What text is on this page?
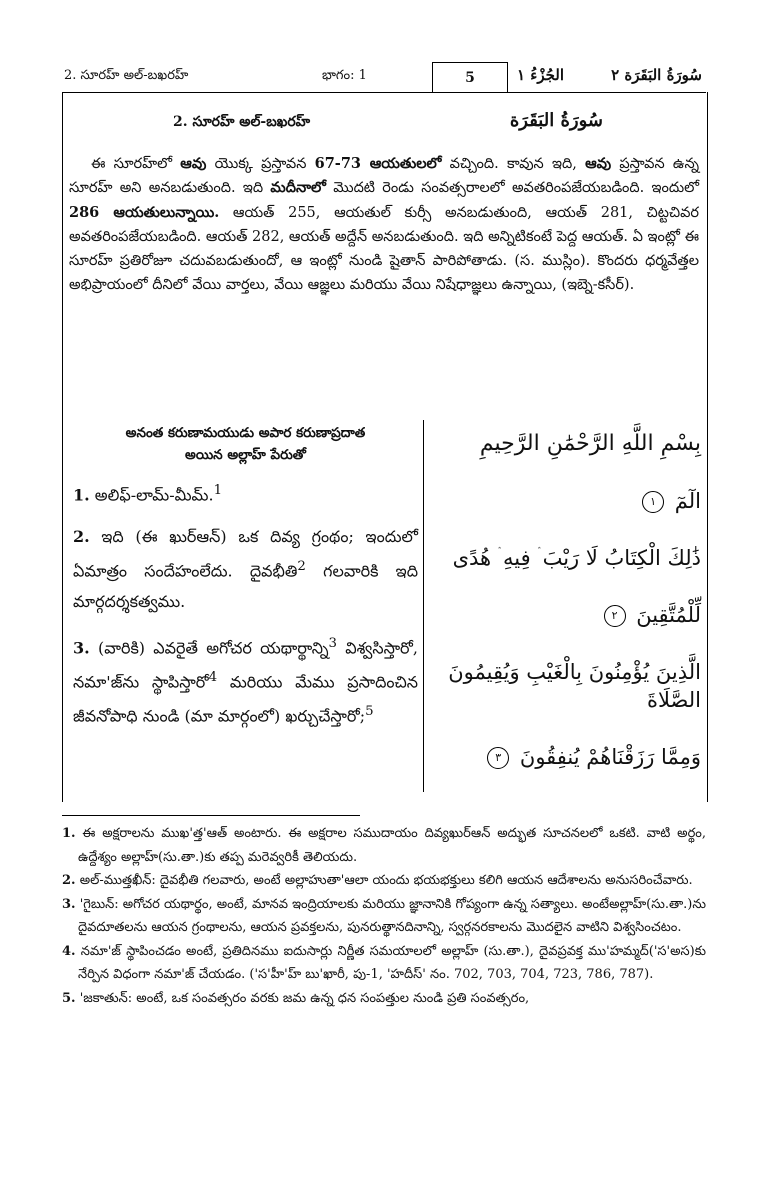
2. సూరహ్ అల్-బఖరహ్	భాగం: 1	5	الجُزْءُ ١	سُورَةُ البَقَرَة ٢
2. సూరహ్ అల్-బఖరహ్	سُورَةُ البَقَرَة

ఈ సూరహ్‌లో ఆవు యొక్క ప్రస్తావన 67-73 ఆయతులలో వచ్చింది. కావున ఇది, ఆవు ప్రస్తావన ఉన్న సూరహ్ అని అనబడుతుంది. ఇది మదీనాలో మొదటి రెండు సంవత్సరాలలో అవతరింపజేయబడింది. ఇందులో 286 ఆయతులున్నాయి. ఆయత్ 255, ఆయతుల్ కుర్సీ అనబడుతుంది, ఆయత్ 281, చిట్టచివర అవతరింపజేయబడింది. ఆయత్ 282, ఆయత్ అద్దేన్ అనబడుతుంది. ఇది అన్నిటికంటే పెద్ద ఆయత్. ఏ ఇంట్లో ఈ సూరహ్ ప్రతిరోజూ చదువబడుతుందో, ఆ ఇంట్లో నుండి షైతాన్ పారిపోతాడు. (స. ముస్లిం). కొందరు ధర్మవేత్తల అభిప్రాయంలో దీనిలో వేయి వార్తలు, వేయి ఆజ్ఞలు మరియు వేయి నిషేధాజ్ఞలు ఉన్నాయి, (ఇబ్నె-కసీర్).

అనంత కరుణామయుడు అపార కరుణాప్రదాత
అయిన అల్లాహ్ పేరుతో

1. అలిఫ్-లామ్-మీమ్.$^1$

2. ఇది (ఈ ఖుర్ఆన్) ఒక దివ్య గ్రంథం; ఇందులో ఏమాత్రం సందేహంలేదు. దైవభీతి$^2$ గలవారికి ఇది మార్గదర్శకత్వము.

3. (వారికి) ఎవరైతే అగోచర యథార్థాన్ని$^3$ విశ్వసిస్తారో, నమా'జ్‌ను స్థాపిస్తారో$^4$ మరియు మేము ప్రసాదించిన జీవనోపాధి నుండి (మా మార్గంలో) ఖర్చుచేస్తారో;$^5$

بِسْمِ اللَّهِ الرَّحْمَٰنِ الرَّحِيمِ
الٓمٓ ١
ذَٰلِكَ الْكِتَابُ لَا رَيْبَ ۛ فِيهِ ۛ هُدًى
لِّلْمُتَّقِينَ ٢
الَّذِينَ يُؤْمِنُونَ بِالْغَيْبِ وَيُقِيمُونَ الصَّلَاةَ
وَمِمَّا رَزَقْنَاهُمْ يُنفِقُونَ ٣

1. ఈ అక్షరాలను ముఖ'త్త'ఆత్ అంటారు. ఈ అక్షరాల సముదాయం దివ్యఖుర్ఆన్ అద్భుత సూచనలలో ఒకటి. వాటి అర్థం, ఉద్దేశ్యం అల్లాహ్(సు.తా.)కు తప్ప మరెవ్వరికీ తెలియదు.

2. అల్-ముత్తఖీన్: దైవభీతి గలవారు, అంటే అల్లాహుతా'ఆలా యందు భయభక్తులు కలిగి ఆయన ఆదేశాలను అనుసరించేవారు.

3. 'గైబున్: అగోచర యథార్థం, అంటే, మానవ ఇంద్రియాలకు మరియు జ్ఞానానికి గోప్యంగా ఉన్న సత్యాలు. అంటేఅల్లాహ్(సు.తా.)ను దైవదూతలను ఆయన గ్రంథాలను, ఆయన ప్రవక్తలను, పునరుత్థానదినాన్ని, స్వర్గనరకాలను మొదలైన వాటిని విశ్వసించటం.

4. నమా'జ్ స్థాపించడం అంటే, ప్రతిదినము ఐదుసార్లు నిర్ణీత సమయాలలో అల్లాహ్ (సు.తా.), దైవప్రవక్త ము'హమ్మద్('స'అస)కు నేర్పిన విధంగా నమా'జ్ చేయడం. ('స'హీ'హ్ బు'ఖారీ, పు-1, 'హదీస్' నం. 702, 703, 704, 723, 786, 787).

5. 'జకాతున్: అంటే, ఒక సంవత్సరం వరకు జమ ఉన్న ధన సంపత్తుల నుండి ప్రతి సంవత్సరం,
